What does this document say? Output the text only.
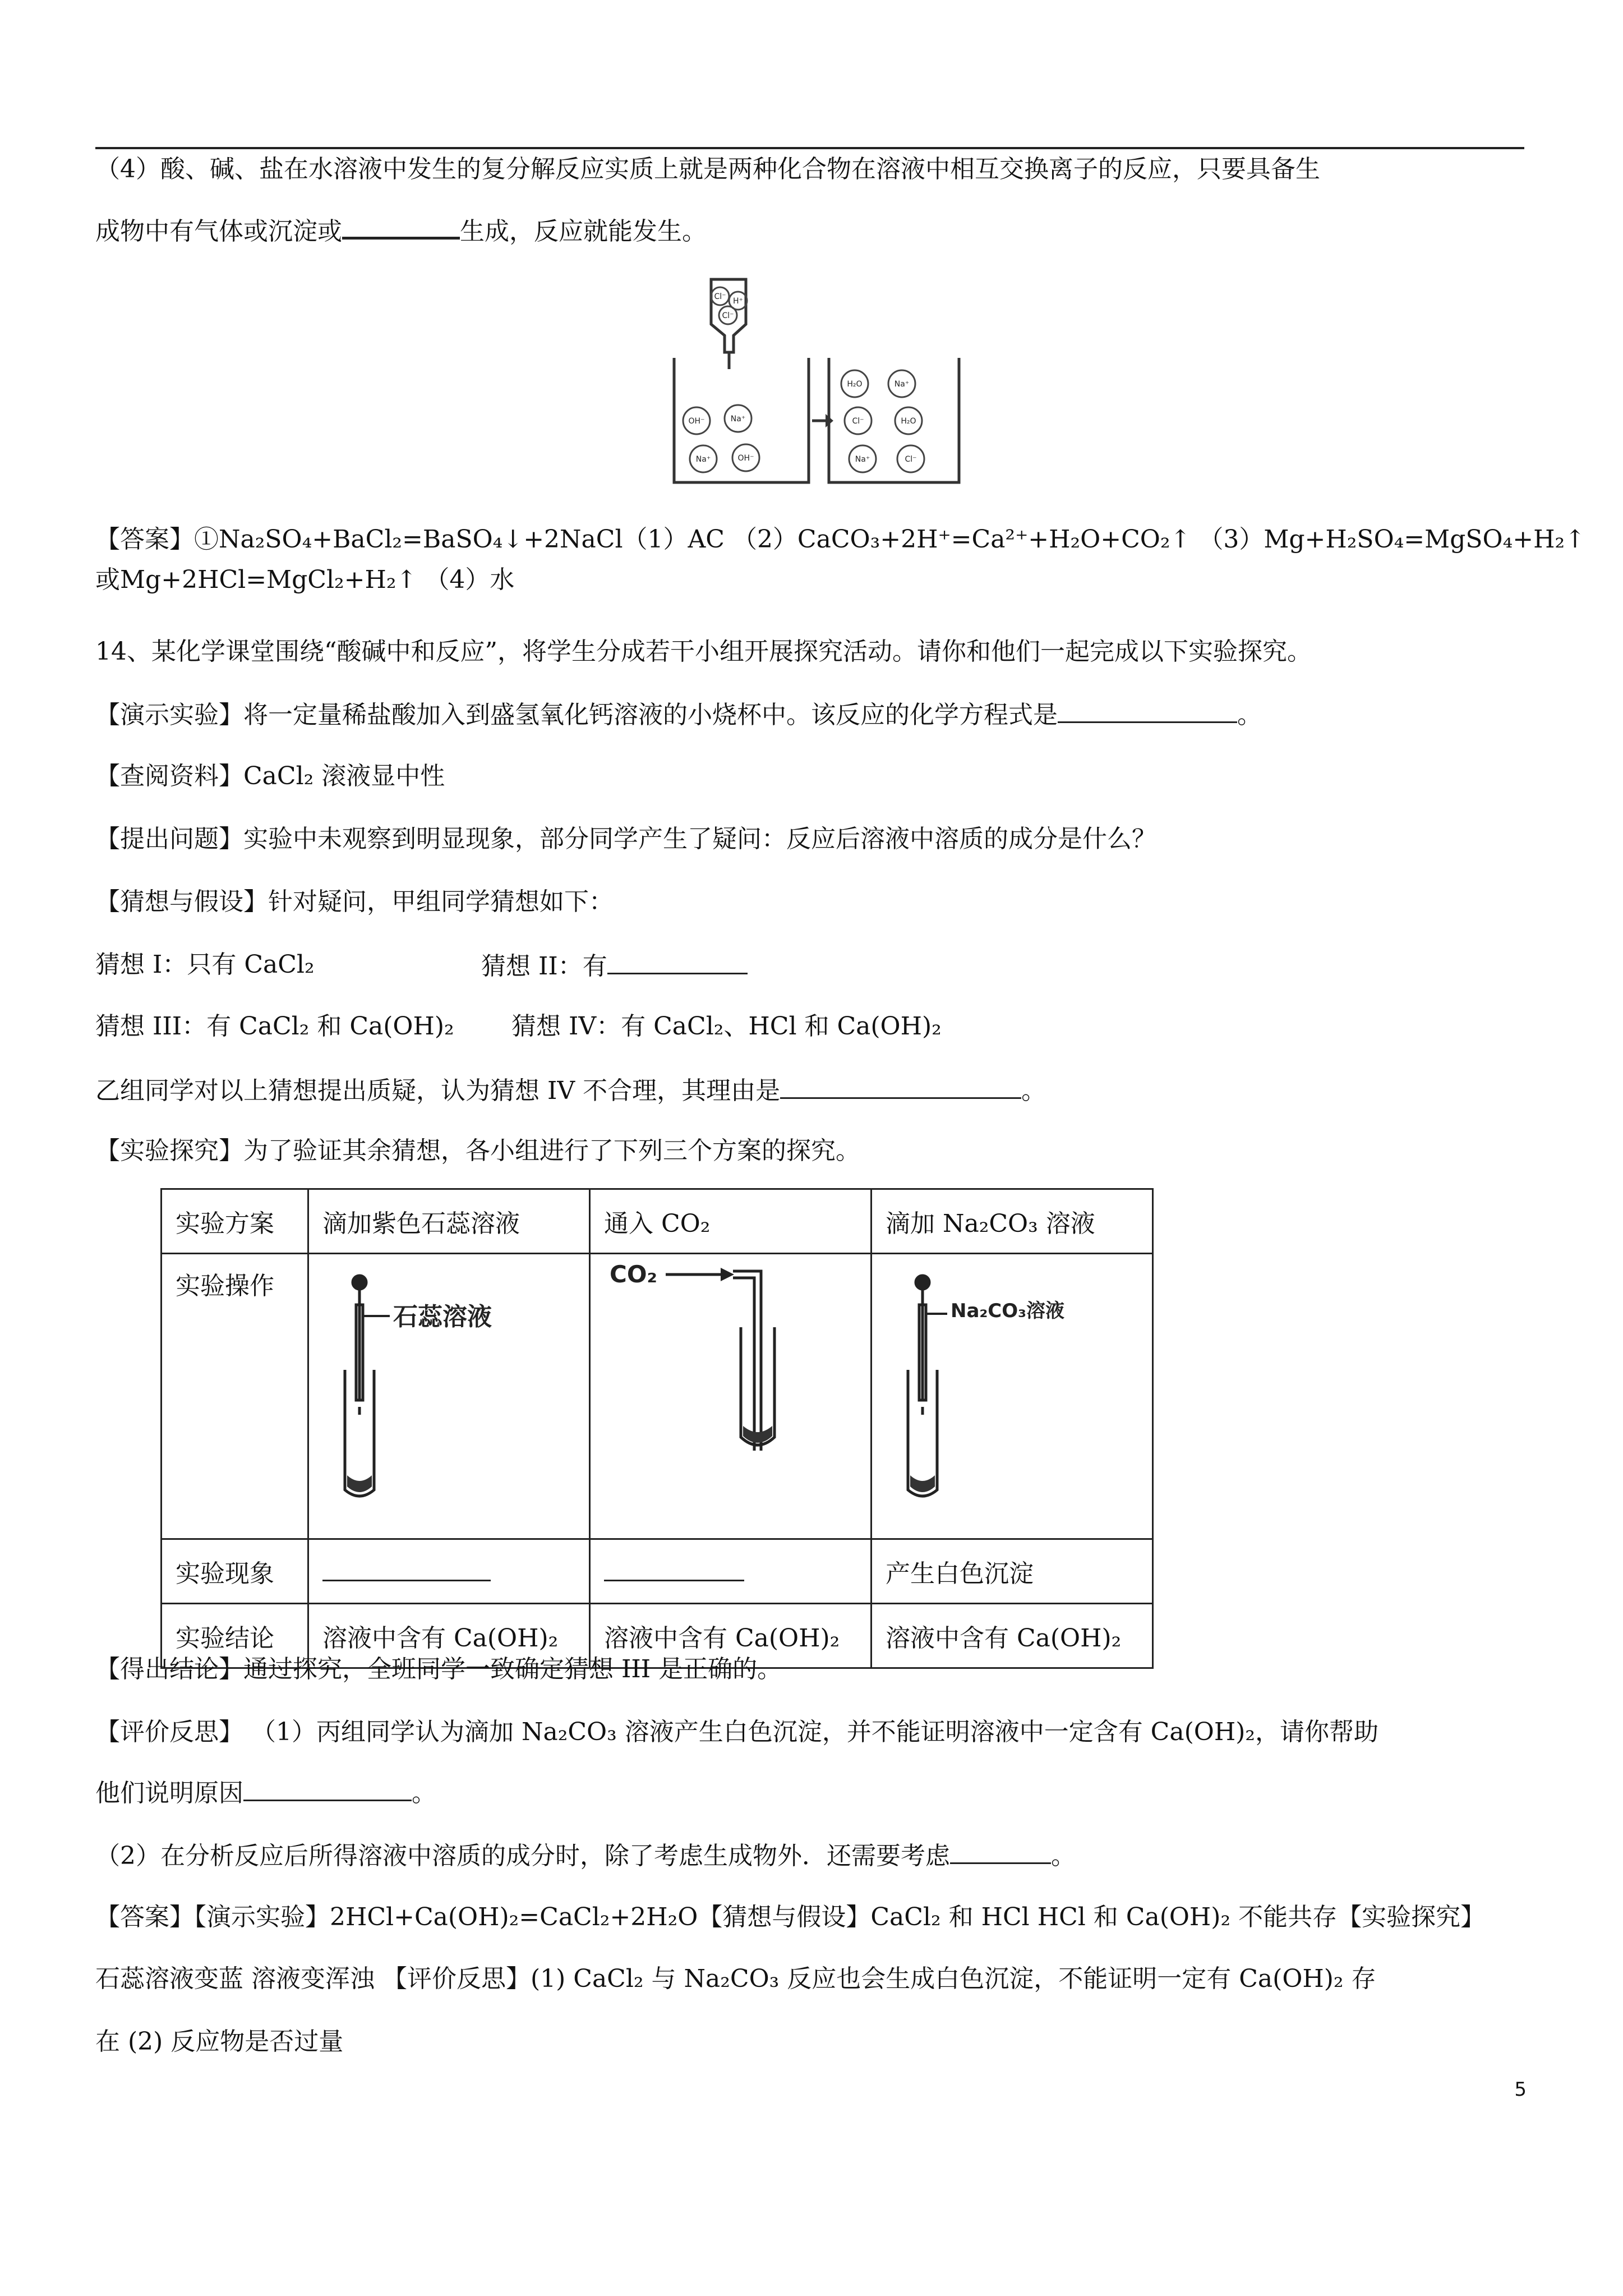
（4）酸、碱、盐在水溶液中发生的复分解反应实质上就是两种化合物在溶液中相互交换离子的反应，只要具备生
成物中有气体或沉淀或	生成，反应就能发生。
Cl⁻ H⁺
Cl⁻
OH⁻	Na⁺
Na⁺	OH⁻
H₂O	Na⁺
Cl⁻	H₂O
Na⁺	Cl⁻
【答案】①Na₂SO₄+BaCl₂=BaSO₄↓+2NaCl（1）AC （2）CaCO₃+2H⁺=Ca²⁺+H₂O+CO₂↑ （3）Mg+H₂SO₄=MgSO₄+H₂↑
或Mg+2HCl=MgCl₂+H₂↑ （4）水
14、某化学课堂围绕“酸碱中和反应”，将学生分成若干小组开展探究活动。请你和他们一起完成以下实验探究。
【演示实验】将一定量稀盐酸加入到盛氢氧化钙溶液的小烧杯中。该反应的化学方程式是	。
【查阅资料】CaCl₂ 滚液显中性
【提出问题】实验中未观察到明显现象，部分同学产生了疑问：反应后溶液中溶质的成分是什么？
【猜想与假设】针对疑问，甲组同学猜想如下：
猜想 I：只有 CaCl₂	猜想 II：有
猜想 III：有 CaCl₂ 和 Ca(OH)₂ 猜想 IV：有 CaCl₂、HCl 和 Ca(OH)₂
乙组同学对以上猜想提出质疑，认为猜想 IV 不合理，其理由是	。
【实验探究】为了验证其余猜想，各小组进行了下列三个方案的探究。
实验方案	滴加紫色石蕊溶液	通入 CO₂	滴加 Na₂CO₃ 溶液
实验操作	石蕊溶液	CO₂	Na₂CO₃溶液

实验现象			产生白色沉淀
实验结论	溶液中含有 Ca(OH)₂	溶液中含有 Ca(OH)₂	溶液中含有 Ca(OH)₂
【得出结论】通过探究，全班同学一致确定猜想 III 是正确的。
【评价反思】 （1）丙组同学认为滴加 Na₂CO₃ 溶液产生白色沉淀，并不能证明溶液中一定含有 Ca(OH)₂，请你帮助
他们说明原因	。
（2）在分析反应后所得溶液中溶质的成分时，除了考虑生成物外．还需要考虑	。
【答案】【演示实验】2HCl+Ca(OH)₂=CaCl₂+2H₂O【猜想与假设】CaCl₂ 和 HCl HCl 和 Ca(OH)₂ 不能共存【实验探究】
石蕊溶液变蓝 溶液变浑浊 【评价反思】(1) CaCl₂ 与 Na₂CO₃ 反应也会生成白色沉淀，不能证明一定有 Ca(OH)₂ 存
在 (2) 反应物是否过量
5
